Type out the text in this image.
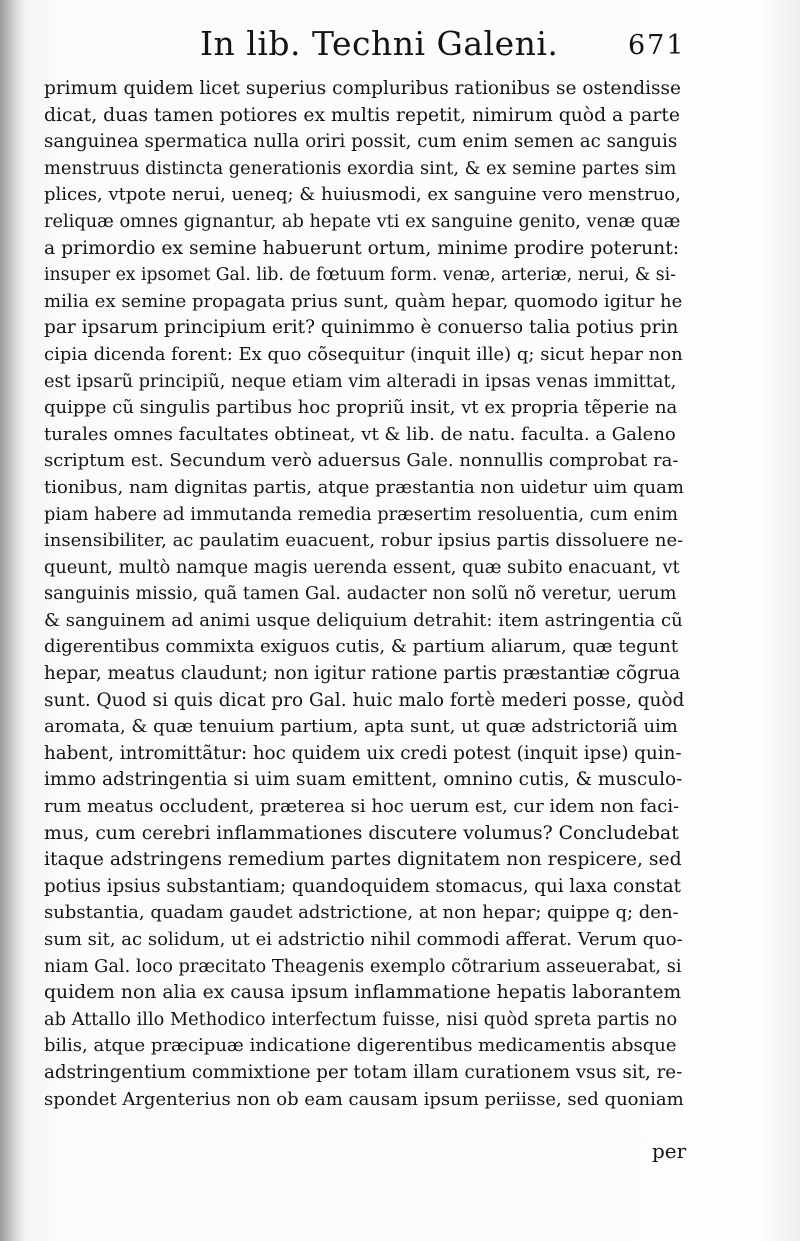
In lib. Techni Galeni.	671
primum quidem licet superius compluribus rationibus se ostendisse
dicat, duas tamen potiores ex multis repetit, nimirum quòd a parte
sanguinea spermatica nulla oriri possit, cum enim semen ac sanguis
menstruus distincta generationis exordia sint, & ex semine partes sim
plices, vtpote nerui, ueneq; & huiusmodi, ex sanguine vero menstruo,
reliquæ omnes gignantur, ab hepate vti ex sanguine genito, venæ quæ
a primordio ex semine habuerunt ortum, minime prodire poterunt:
insuper ex ipsomet Gal. lib. de fœtuum form. venæ, arteriæ, nerui, & si-
milia ex semine propagata prius sunt, quàm hepar, quomodo igitur he
par ipsarum principium erit? quinimmo è conuerso talia potius prin
cipia dicenda forent: Ex quo cõsequitur (inquit ille) q; sicut hepar non
est ipsarũ principiũ, neque etiam vim alteradi in ipsas venas immittat,
quippe cũ singulis partibus hoc propriũ insit, vt ex propria tẽperie na
turales omnes facultates obtineat, vt & lib. de natu. faculta. a Galeno
scriptum est. Secundum verò aduersus Gale. nonnullis comprobat ra-
tionibus, nam dignitas partis, atque præstantia non uidetur uim quam
piam habere ad immutanda remedia præsertim resoluentia, cum enim
insensibiliter, ac paulatim euacuent, robur ipsius partis dissoluere ne-
queunt, multò namque magis uerenda essent, quæ subito enacuant, vt
sanguinis missio, quã tamen Gal. audacter non solũ nõ veretur, uerum
& sanguinem ad animi usque deliquium detrahit: item astringentia cũ
digerentibus commixta exiguos cutis, & partium aliarum, quæ tegunt
hepar, meatus claudunt; non igitur ratione partis præstantiæ cõgrua
sunt. Quod si quis dicat pro Gal. huic malo fortè mederi posse, quòd
aromata, & quæ tenuium partium, apta sunt, ut quæ adstrictoriã uim
habent, intromittãtur: hoc quidem uix credi potest (inquit ipse) quin-
immo adstringentia si uim suam emittent, omnino cutis, & musculo-
rum meatus occludent, præterea si hoc uerum est, cur idem non faci-
mus, cum cerebri inflammationes discutere volumus? Concludebat
itaque adstringens remedium partes dignitatem non respicere, sed
potius ipsius substantiam; quandoquidem stomacus, qui laxa constat
substantia, quadam gaudet adstrictione, at non hepar; quippe q; den-
sum sit, ac solidum, ut ei adstrictio nihil commodi afferat. Verum quo-
niam Gal. loco præcitato Theagenis exemplo cõtrarium asseuerabat, si
quidem non alia ex causa ipsum inflammatione hepatis laborantem
ab Attallo illo Methodico interfectum fuisse, nisi quòd spreta partis no
bilis, atque præcipuæ indicatione digerentibus medicamentis absque
adstringentium commixtione per totam illam curationem vsus sit, re-
spondet Argenterius non ob eam causam ipsum periisse, sed quoniam
per
